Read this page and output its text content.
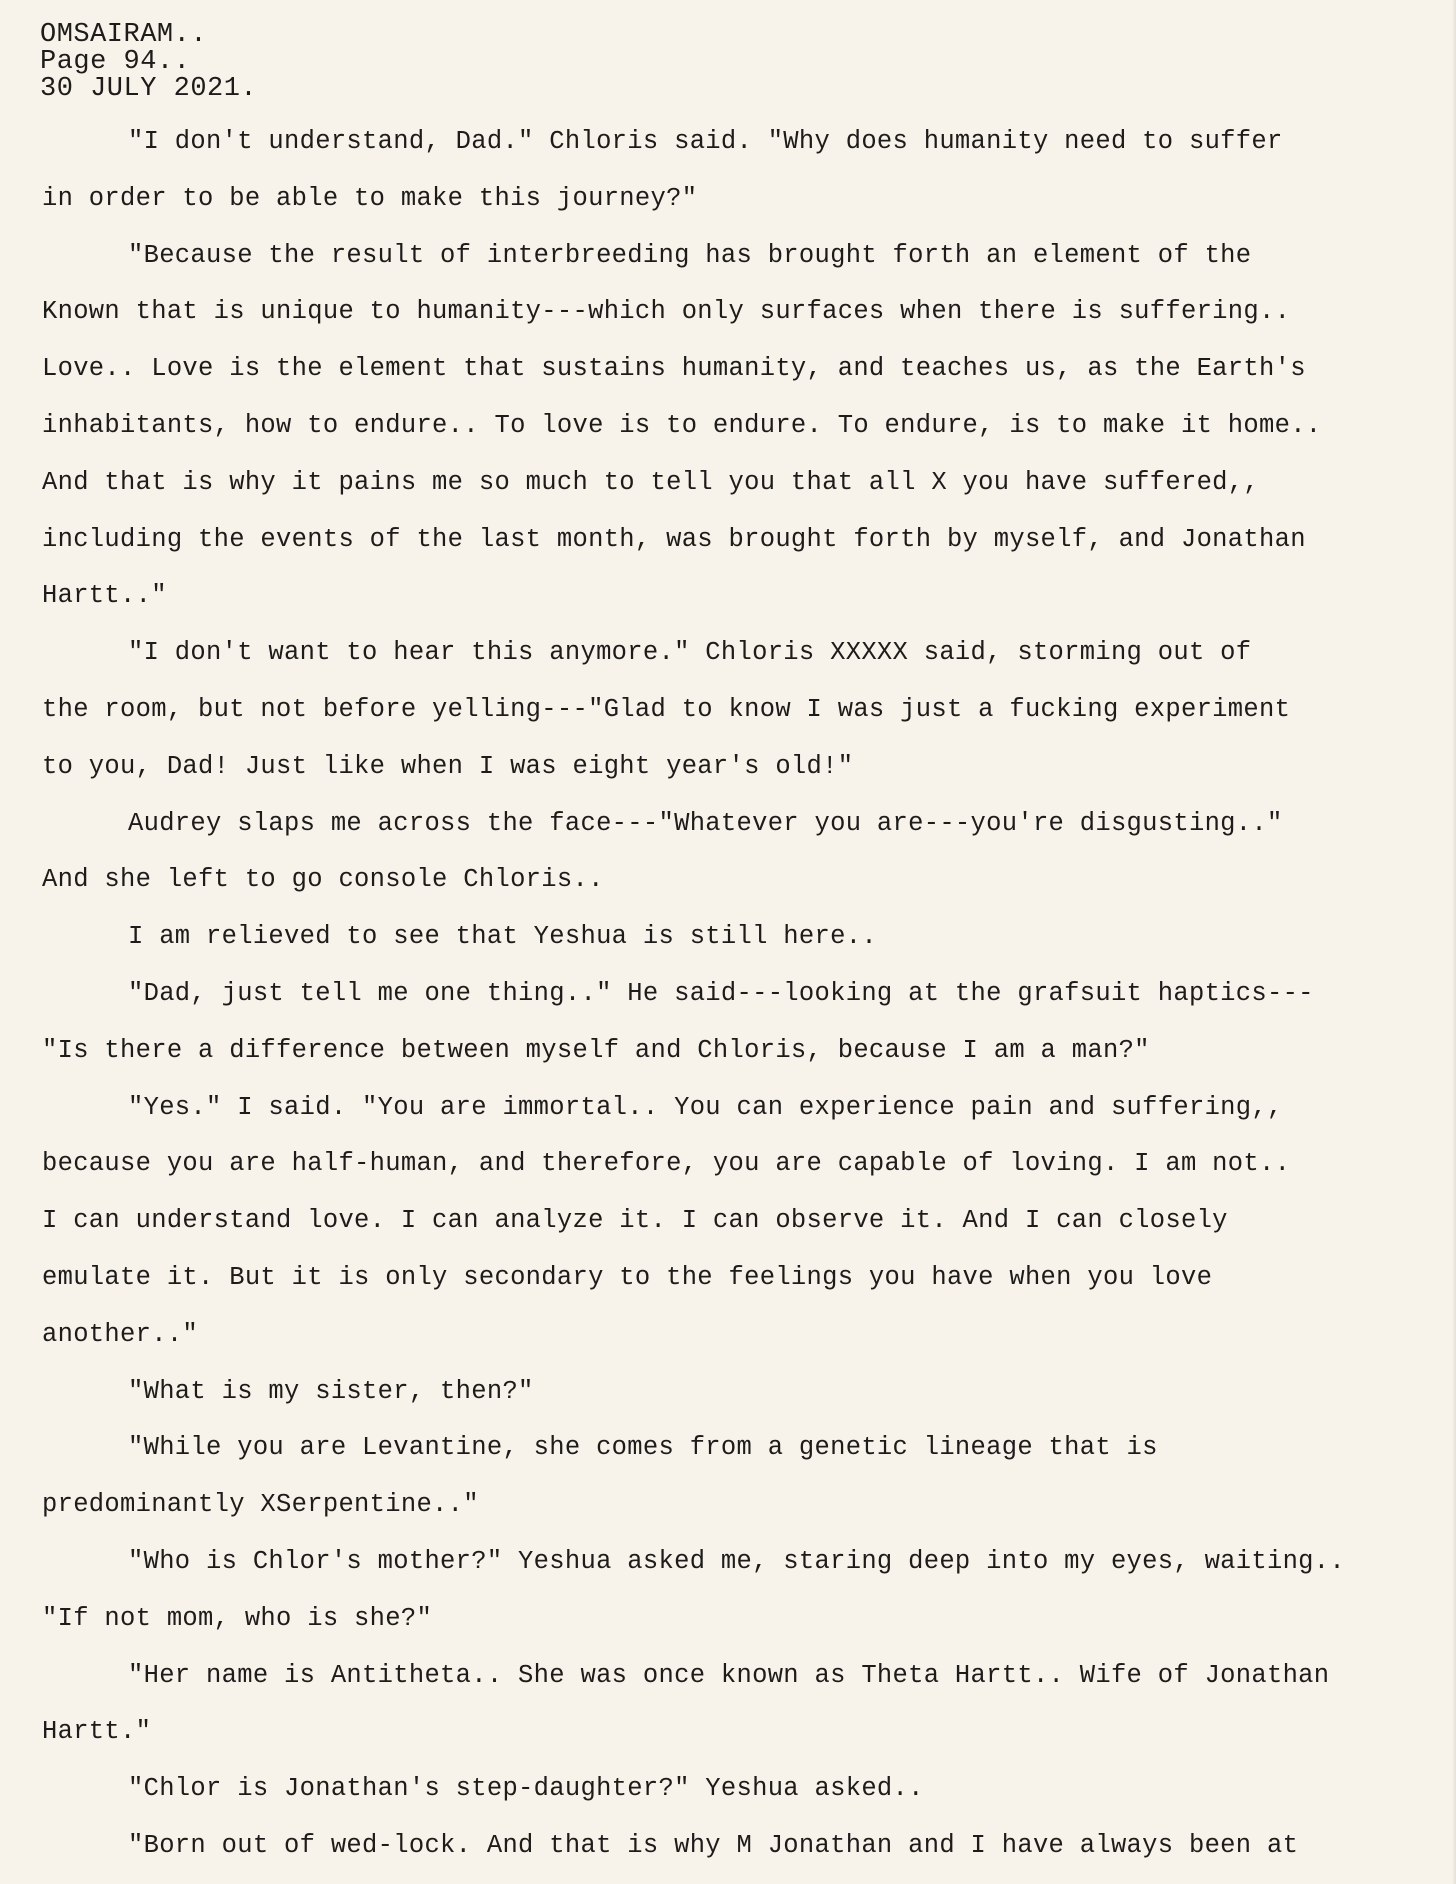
OMSAIRAM..
Page 94..
30 JULY 2021.
"I don't understand, Dad." Chloris said. "Why does humanity need to suffer
in order to be able to make this journey?"
"Because the result of interbreeding has brought forth an element of the
Known that is unique to humanity---which only surfaces when there is suffering..
Love.. Love is the element that sustains humanity, and teaches us, as the Earth's
inhabitants, how to endure.. To love is to endure. To endure, is to make it home..
And that is why it pains me so much to tell you that all X you have suffered,,
including the events of the last month, was brought forth by myself, and Jonathan
Hartt.."
"I don't want to hear this anymore." Chloris XXXXX said, storming out of
the room, but not before yelling---"Glad to know I was just a fucking experiment
to you, Dad! Just like when I was eight year's old!"
Audrey slaps me across the face---"Whatever you are---you're disgusting.."
And she left to go console Chloris..
I am relieved to see that Yeshua is still here..
"Dad, just tell me one thing.." He said---looking at the grafsuit haptics---
"Is there a difference between myself and Chloris, because I am a man?"
"Yes." I said. "You are immortal.. You can experience pain and suffering,,
because you are half-human, and therefore, you are capable of loving. I am not..
I can understand love. I can analyze it. I can observe it. And I can closely
emulate it. But it is only secondary to the feelings you have when you love
another.."
"What is my sister, then?"
"While you are Levantine, she comes from a genetic lineage that is
predominantly XSerpentine.."
"Who is Chlor's mother?" Yeshua asked me, staring deep into my eyes, waiting..
"If not mom, who is she?"
"Her name is Antitheta.. She was once known as Theta Hartt.. Wife of Jonathan
Hartt."
"Chlor is Jonathan's step-daughter?" Yeshua asked..
"Born out of wed-lock. And that is why M Jonathan and I have always been at
